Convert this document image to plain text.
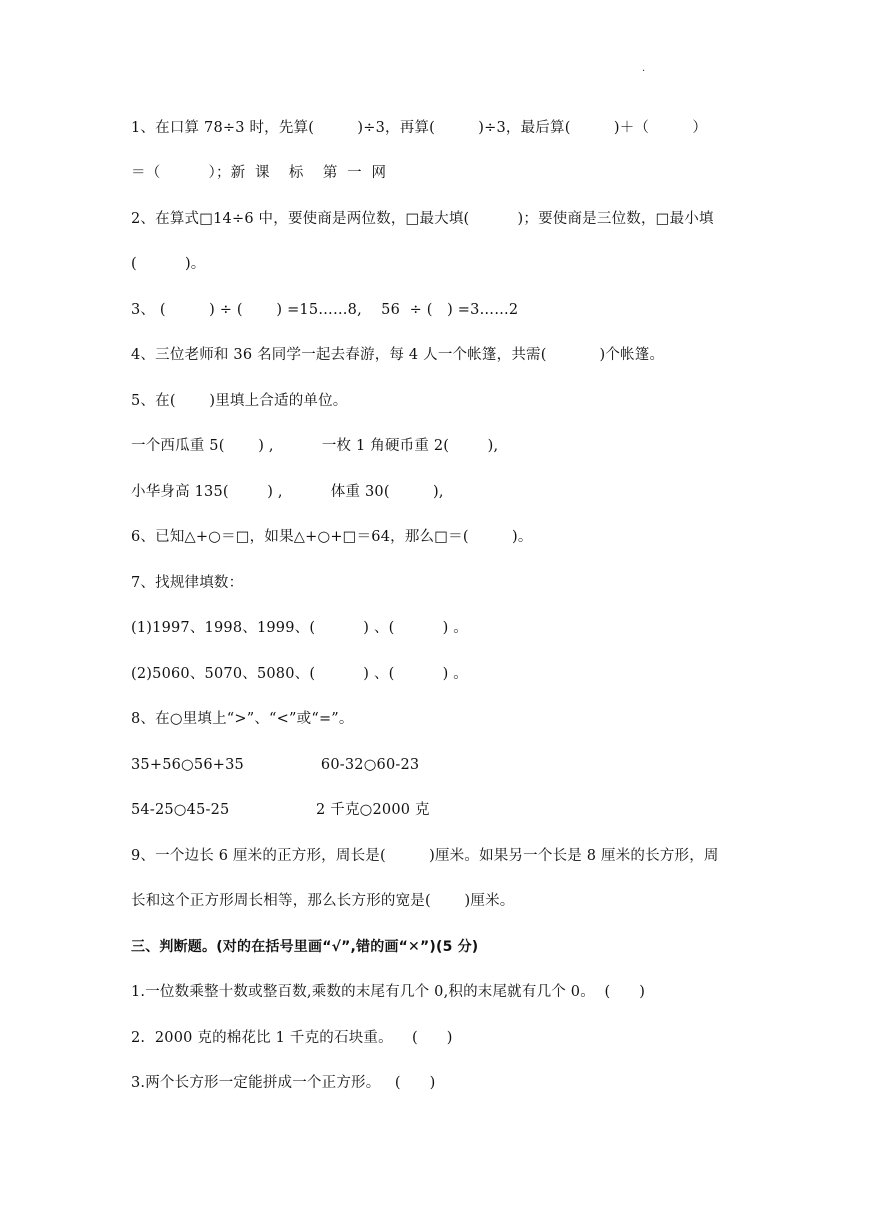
·
1、在口算 78÷3 时，先算(         )÷3，再算(         )÷3，最后算(         )＋（         ）
＝（          ）；新  课    标    第  一  网
2、在算式□14÷6 中，要使商是两位数，□最大填(          )；要使商是三位数，□最小填
(          )。
3、 (         ) ÷ (       ) =15……8,    56  ÷ (   ) =3……2
4、三位老师和 36 名同学一起去春游，每 4 人一个帐篷，共需(           )个帐篷。
5、在(       )里填上合适的单位。
一个西瓜重 5(       ) ,          一枚 1 角硬币重 2(        ),
小华身高 135(        ) ,          体重 30(         ),
6、已知△+○＝□，如果△+○+□＝64，那么□＝(         )。
7、找规律填数：
(1)1997、1998、1999、(          ) 、(          ) 。
(2)5060、5070、5080、(          ) 、(          ) 。
8、在○里填上“>”、“<”或“=”。
35+56○56+35                60-32○60-23
54-25○45-25                  2 千克○2000 克
9、一个边长 6 厘米的正方形，周长是(         )厘米。如果另一个长是 8 厘米的长方形，周
长和这个正方形周长相等，那么长方形的宽是(       )厘米。
三、判断题。(对的在括号里画“√”,错的画“✕”)(5 分)
1.一位数乘整十数或整百数,乘数的末尾有几个 0,积的末尾就有几个 0。  (      )
2.  2000 克的棉花比 1 千克的石块重。    (      )
3.两个长方形一定能拼成一个正方形。   (      )
